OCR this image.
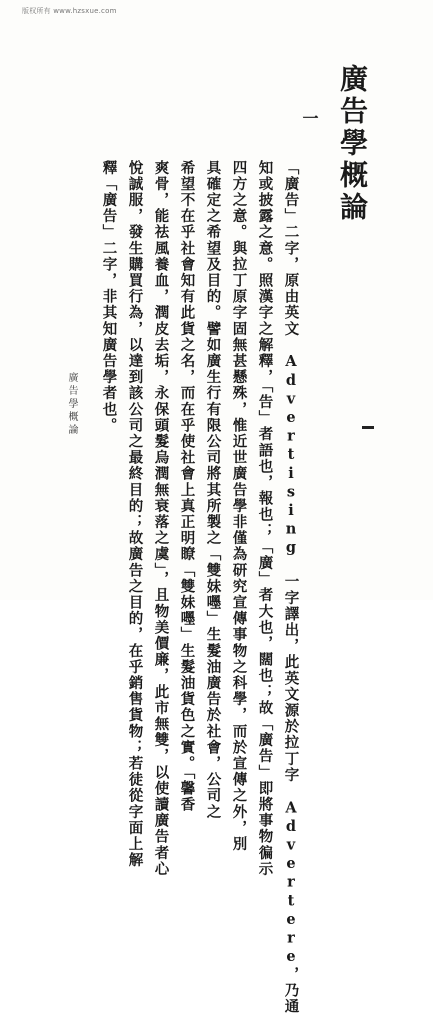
版权所有 www.hzsxue.com
廣告學概論
一
「廣告」二字，原由英文　Advertising　一字譯出，此英文源於拉丁字　Advertere，乃通
知或披露之意。照漢字之解釋，「告」者語也，報也；「廣」者大也，闊也；故「廣告」即將事物徧示
四方之意。與拉丁原字固無甚懸殊，惟近世廣告學非僅為研究宣傳事物之科學，而於宣傳之外，別
具確定之希望及目的。譬如廣生行有限公司將其所製之「雙妹嚜」生髮油廣告於社會，公司之
希望不在乎社會知有此貨之名，而在乎使社會上真正明瞭「雙妹嚜」生髮油貨色之實。「馨香
爽骨，能祛風養血，潤皮去垢，永保頭髮烏潤無衰落之虞」，且物美價廉，此市無雙，以使讀廣告者心
悅誠服，發生購買行為，以達到該公司之最終目的；故廣告之目的，在乎銷售貨物；若徒從字面上解
釋「廣告」二字，非其知廣告學者也。
廣告學概論
